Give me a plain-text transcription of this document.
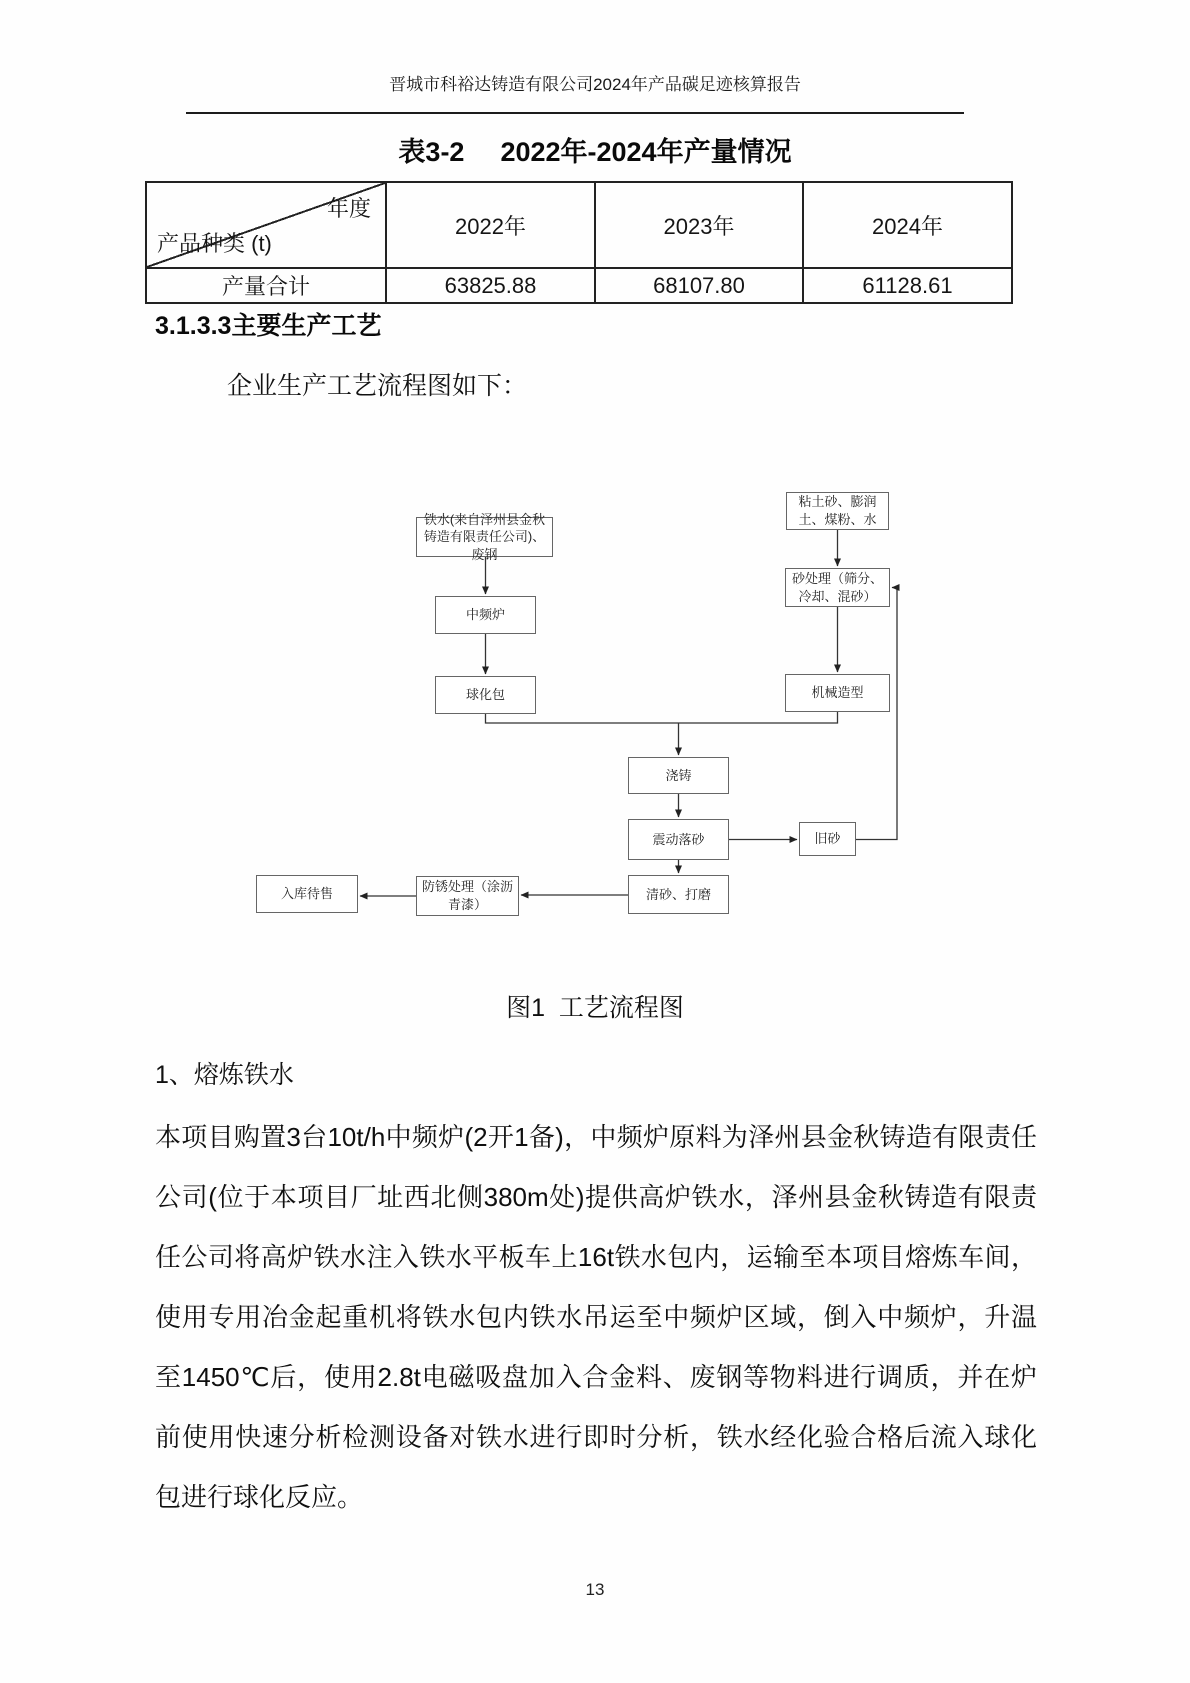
晋城市科裕达铸造有限公司2024年产品碳足迹核算报告
表3-2 2022年-2024年产量情况
年度
产品种类 (t)	2022年	2023年	2024年
产量合计	63825.88	68107.80	61128.61
3.1.3.3主要生产工艺
企业生产工艺流程图如下：
铁水(来自泽州县金秋铸造有限责任公司)、废钢
中频炉
球化包
粘土砂、膨润土、煤粉、水
砂处理（筛分、冷却、混砂）
机械造型
浇铸
震动落砂	旧砂
清砂、打磨
防锈处理（涂沥青漆）
入库待售
图1  工艺流程图
1、熔炼铁水
本项目购置3台10t/h中频炉(2开1备)，中频炉原料为泽州县金秋铸造有限责任公司(位于本项目厂址西北侧380m处)提供高炉铁水，泽州县金秋铸造有限责任公司将高炉铁水注入铁水平板车上16t铁水包内，运输至本项目熔炼车间，使用专用冶金起重机将铁水包内铁水吊运至中频炉区域，倒入中频炉，升温至1450℃后，使用2.8t电磁吸盘加入合金料、废钢等物料进行调质，并在炉前使用快速分析检测设备对铁水进行即时分析，铁水经化验合格后流入球化包进行球化反应。
13
